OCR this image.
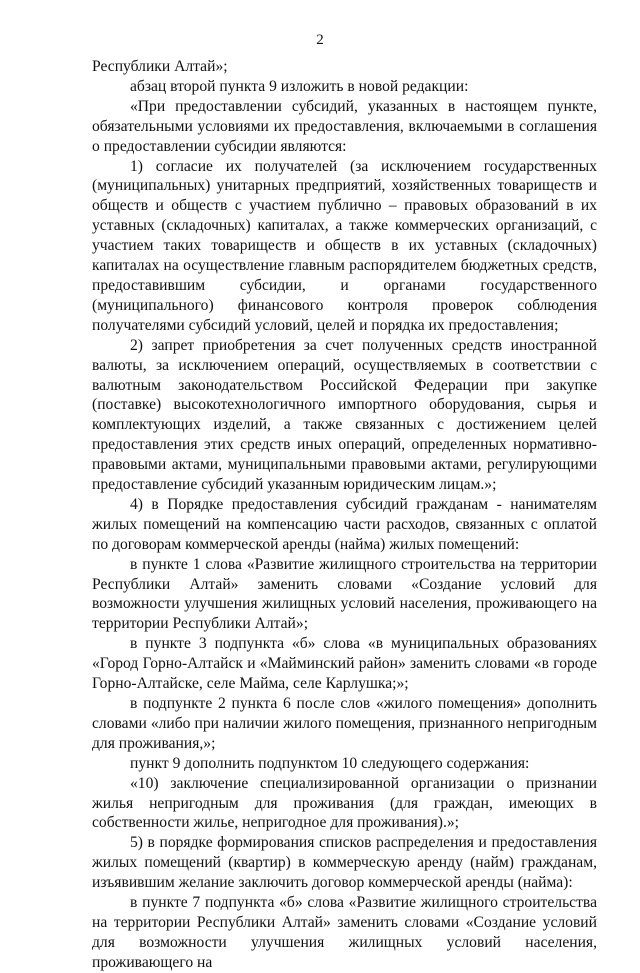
2

Республики Алтай»;

абзац второй пункта 9 изложить в новой редакции:

«При предоставлении субсидий, указанных в настоящем пункте, обязательными условиями их предоставления, включаемыми в соглашения о предоставлении субсидии являются:

1) согласие их получателей (за исключением государственных (муниципальных) унитарных предприятий, хозяйственных товариществ и обществ и обществ с участием публично – правовых образований в их уставных (складочных) капиталах, а также коммерческих организаций, с участием таких товариществ и обществ в их уставных (складочных) капиталах на осуществление главным распорядителем бюджетных средств, предоставившим субсидии, и органами государственного (муниципального) финансового контроля проверок соблюдения получателями субсидий условий, целей и порядка их предоставления;

2) запрет приобретения за счет полученных средств иностранной валюты, за исключением операций, осуществляемых в соответствии с валютным законодательством Российской Федерации при закупке (поставке) высокотехнологичного импортного оборудования, сырья и комплектующих изделий, а также связанных с достижением целей предоставления этих средств иных операций, определенных нормативно-правовыми актами, муниципальными правовыми актами, регулирующими предоставление субсидий указанным юридическим лицам.»;

4) в Порядке предоставления субсидий гражданам - нанимателям жилых помещений на компенсацию части расходов, связанных с оплатой по договорам коммерческой аренды (найма) жилых помещений:

в пункте 1 слова «Развитие жилищного строительства на территории Республики Алтай» заменить словами «Создание условий для возможности улучшения жилищных условий населения, проживающего на территории Республики Алтай»;

в пункте 3 подпункта «б» слова «в муниципальных образованиях «Город Горно-Алтайск и «Майминский район» заменить словами «в городе Горно-Алтайске, селе Майма, селе Карлушка;»;

в подпункте 2 пункта 6 после слов «жилого помещения» дополнить словами «либо при наличии жилого помещения, признанного непригодным для проживания,»;

пункт 9 дополнить подпунктом 10 следующего содержания:

«10) заключение специализированной организации о признании жилья непригодным для проживания (для граждан, имеющих в собственности жилье, непригодное для проживания).»;

5) в порядке формирования списков распределения и предоставления жилых помещений (квартир) в коммерческую аренду (найм) гражданам, изъявившим желание заключить договор коммерческой аренды (найма):

в пункте 7 подпункта «б» слова «Развитие жилищного строительства на территории Республики Алтай» заменить словами «Создание условий для возможности улучшения жилищных условий населения, проживающего на
